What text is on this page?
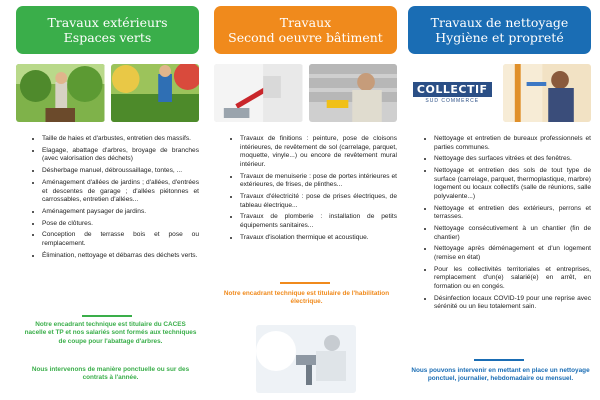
Travaux extérieurs
Espaces verts
• Taille de haies et d'arbustes, entretien des massifs.
• Elagage, abattage d'arbres, broyage de branches (avec valorisation des déchets)
• Désherbage manuel, débroussaillage, tontes, ...
• Aménagement d'allées de jardins ; d'allées, d'entrées et descentes de garage ; d'allées piétonnes et carrossables, entretien d'allées...
• Aménagement paysager de jardins.
• Pose de clôtures.
• Conception de terrasse bois et pose ou remplacement.
• Élimination, nettoyage et débarras des déchets verts.
Notre encadrant technique est titulaire du CACES nacelle et TP et nos salariés sont formés aux techniques de coupe pour l'abattage d'arbres.
Nous intervenons de manière ponctuelle ou sur des contrats à l'année.
Travaux
Second oeuvre bâtiment
• Travaux de finitions : peinture, pose de cloisons intérieures, de revêtement de sol (carrelage, parquet, moquette, vinyle...) ou encore de revêtement mural intérieur.
• Travaux de menuiserie : pose de portes intérieures et extérieures, de frises, de plinthes...
• Travaux d'électricité : pose de prises électriques, de tableau électrique...
• Travaux de plomberie : installation de petits équipements sanitaires...
• Travaux d'isolation thermique et acoustique.
Notre encadrant technique est titulaire de l'habilitation électrique.
Travaux de nettoyage
Hygiène et propreté
COLLECTIF
SUD COMMERCE
• Nettoyage et entretien de bureaux professionnels et parties communes.
• Nettoyage des surfaces vitrées et des fenêtres.
• Nettoyage et entretien des sols de tout type de surface (carrelage, parquet, thermoplastique, marbre) logement ou locaux collectifs (salle de réunions, salle polyvalente...)
• Nettoyage et entretien des extérieurs, perrons et terrasses.
• Nettoyage consécutivement à un chantier (fin de chantier)
• Nettoyage après déménagement et d'un logement (remise en état)
• Pour les collectivités territoriales et entreprises, remplacement d'un(e) salarié(e) en arrêt, en formation ou en congés.
• Désinfection locaux COVID-19 pour une reprise avec sérénité ou un lieu totalement sain.
Nous pouvons intervenir en mettant en place un nettoyage ponctuel, journalier, hebdomadaire ou mensuel.
